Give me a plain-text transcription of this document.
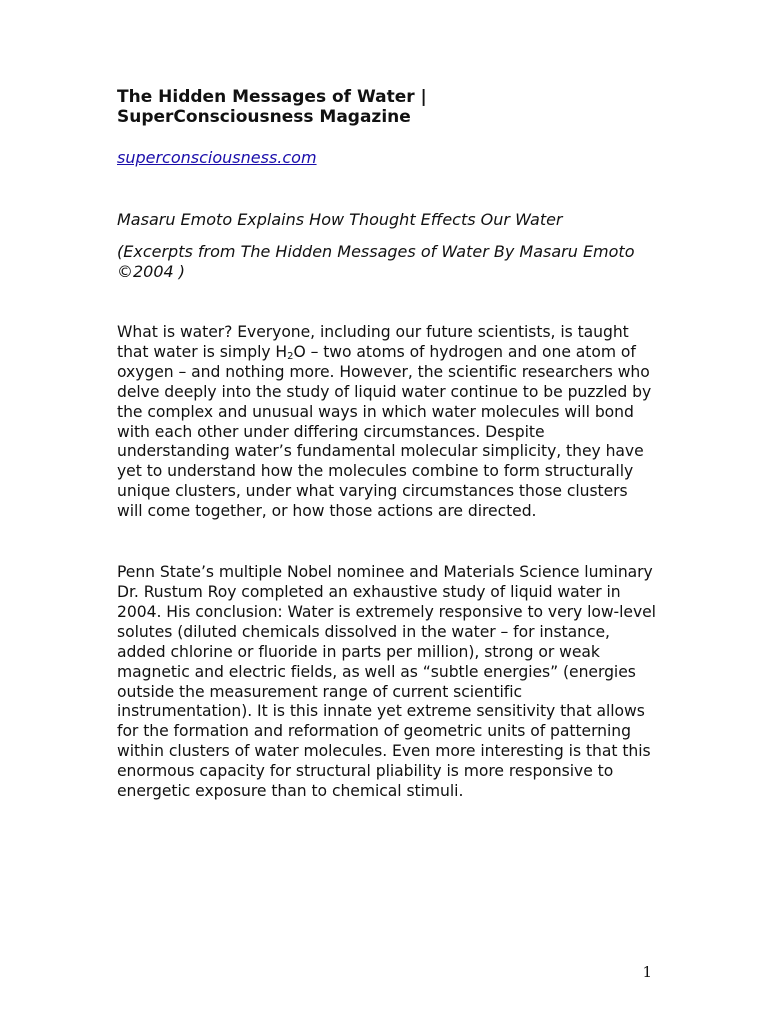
The Hidden Messages of Water |
SuperConsciousness Magazine
superconsciousness.com

Masaru Emoto Explains How Thought Effects Our Water

(Excerpts from The Hidden Messages of Water By Masaru Emoto ©2004 )

What is water? Everyone, including our future scientists, is taught that water is simply $H_2O$ – two atoms of hydrogen and one atom of oxygen – and nothing more. However, the scientific researchers who delve deeply into the study of liquid water continue to be puzzled by the complex and unusual ways in which water molecules will bond with each other under differing circumstances. Despite understanding water’s fundamental molecular simplicity, they have yet to understand how the molecules combine to form structurally unique clusters, under what varying circumstances those clusters will come together, or how those actions are directed.

Penn State’s multiple Nobel nominee and Materials Science luminary Dr. Rustum Roy completed an exhaustive study of liquid water in 2004. His conclusion: Water is extremely responsive to very low-level solutes (diluted chemicals dissolved in the water – for instance, added chlorine or fluoride in parts per million), strong or weak magnetic and electric fields, as well as “subtle energies” (energies outside the measurement range of current scientific instrumentation). It is this innate yet extreme sensitivity that allows for the formation and reformation of geometric units of patterning within clusters of water molecules. Even more interesting is that this enormous capacity for structural pliability is more responsive to energetic exposure than to chemical stimuli.

1
